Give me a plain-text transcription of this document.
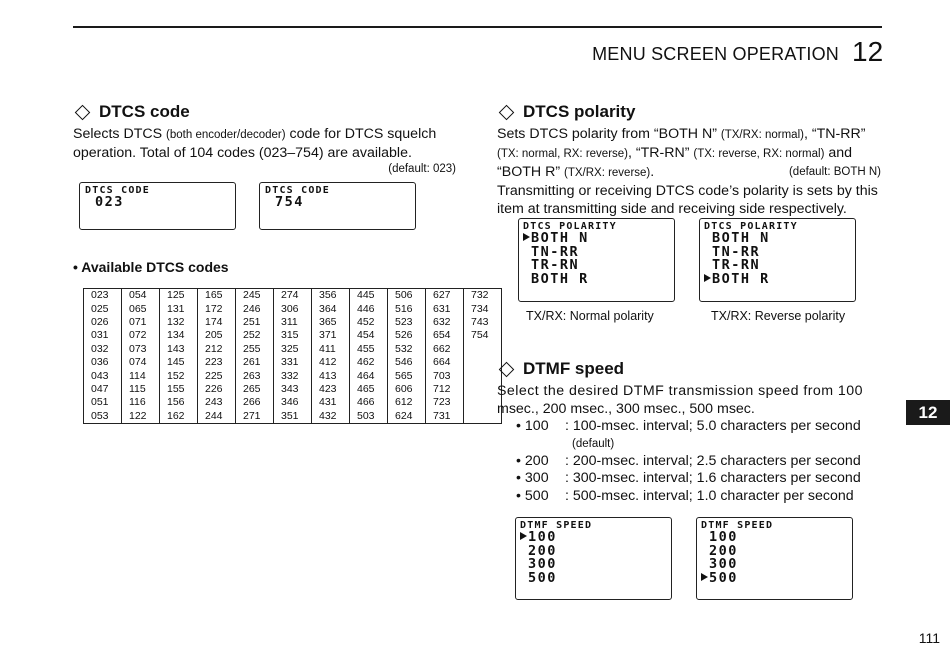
MENU SCREEN OPERATION 12
DTCS code
Selects DTCS (both encoder/decoder) code for DTCS squelch
operation. Total of 104 codes (023–754) are available.
(default: 023)
DTCS CODE
023
DTCS CODE
754
• Available DTCS codes
023	054	125	165	245	274	356	445	506	627	732
025	065	131	172	246	306	364	446	516	631	734
026	071	132	174	251	311	365	452	523	632	743
031	072	134	205	252	315	371	454	526	654	754
032	073	143	212	255	325	411	455	532	662	
036	074	145	223	261	331	412	462	546	664	
043	114	152	225	263	332	413	464	565	703	
047	115	155	226	265	343	423	465	606	712	
051	116	156	243	266	346	431	466	612	723	
053	122	162	244	271	351	432	503	624	731	
DTCS polarity
Sets DTCS polarity from “BOTH N” (TX/RX: normal), “TN-RR”
(TX: normal, RX: reverse), “TR-RN” (TX: reverse, RX: normal) and
“BOTH R” (TX/RX: reverse).	(default: BOTH N)
Transmitting or receiving DTCS code’s polarity is sets by this
item at transmitting side and receiving side respectively.
DTCS POLARITY
BOTH N
TN-RR
TR-RN
BOTH R
DTCS POLARITY
BOTH N
TN-RR
TR-RN
BOTH R
TX/RX: Normal polarity	TX/RX: Reverse polarity
DTMF speed
Select the desired DTMF transmission speed from 100
msec., 200 msec., 300 msec., 500 msec.
• 100 : 100-msec. interval; 5.0 characters per second
(default)
• 200 : 200-msec. interval; 2.5 characters per second
• 300 : 300-msec. interval; 1.6 characters per second
• 500 : 500-msec. interval; 1.0 character per second
DTMF SPEED
100
200
300
500
DTMF SPEED
100
200
300
500
12
111
